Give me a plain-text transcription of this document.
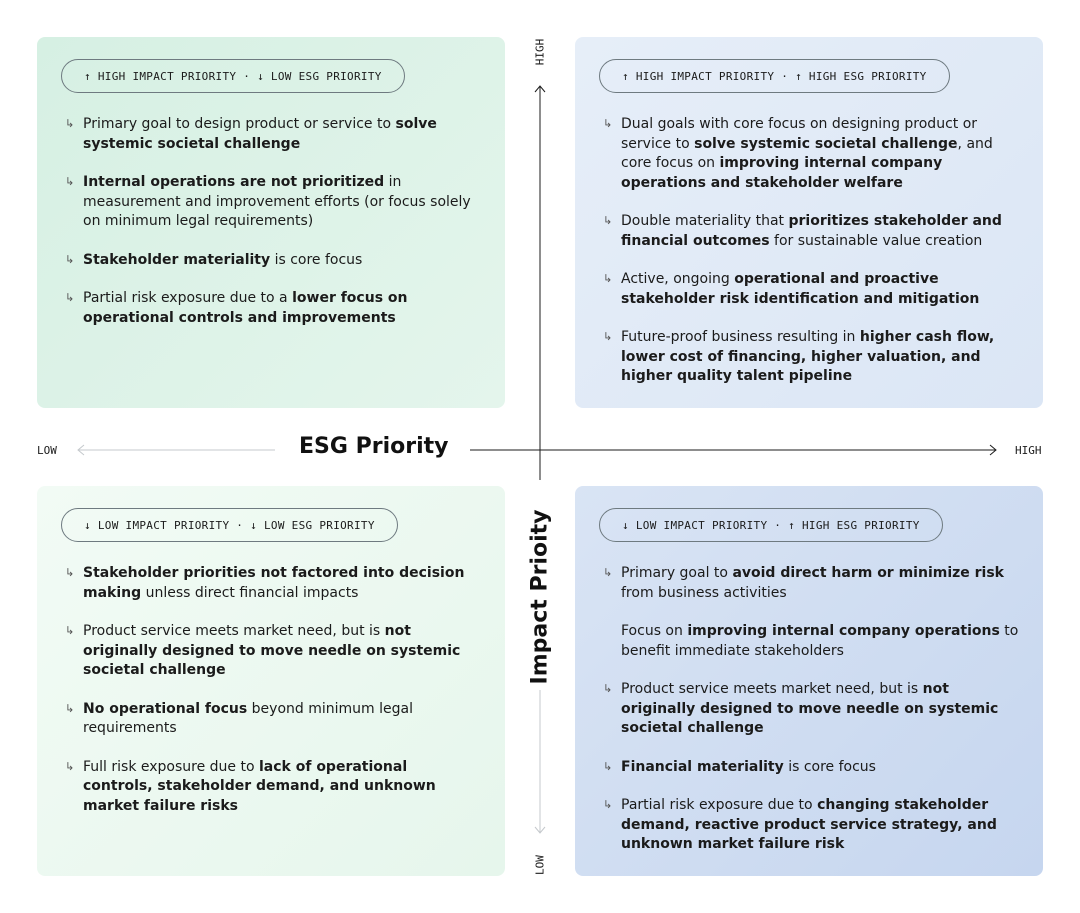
LOW	HIGH
HIGH
LOW
ESG Priority
Impact Prioity
↑ HIGH IMPACT PRIORITY · ↓ LOW ESG PRIORITY
↳ Primary goal to design product or service to solve systemic societal challenge
↳ Internal operations are not prioritized in measurement and improvement efforts (or focus solely on minimum legal requirements)
↳ Stakeholder materiality is core focus
↳ Partial risk exposure due to a lower focus on operational controls and improvements
↑ HIGH IMPACT PRIORITY · ↑ HIGH ESG PRIORITY
↳ Dual goals with core focus on designing product or service to solve systemic societal challenge, and core focus on improving internal company operations and stakeholder welfare
↳ Double materiality that prioritizes stakeholder and financial outcomes for sustainable value creation
↳ Active, ongoing operational and proactive stakeholder risk identification and mitigation
↳ Future-proof business resulting in higher cash flow, lower cost of financing, higher valuation, and higher quality talent pipeline
↓ LOW IMPACT PRIORITY · ↓ LOW ESG PRIORITY
↳ Stakeholder priorities not factored into decision making unless direct financial impacts
↳ Product service meets market need, but is not originally designed to move needle on systemic societal challenge
↳ No operational focus beyond minimum legal requirements
↳ Full risk exposure due to lack of operational controls, stakeholder demand, and unknown market failure risks
↓ LOW IMPACT PRIORITY · ↑ HIGH ESG PRIORITY
↳ Primary goal to avoid direct harm or minimize risk from business activities
Focus on improving internal company operations to benefit immediate stakeholders
↳ Product service meets market need, but is not originally designed to move needle on systemic societal challenge
↳ Financial materiality is core focus
↳ Partial risk exposure due to changing stakeholder demand, reactive product service strategy, and unknown market failure risk
